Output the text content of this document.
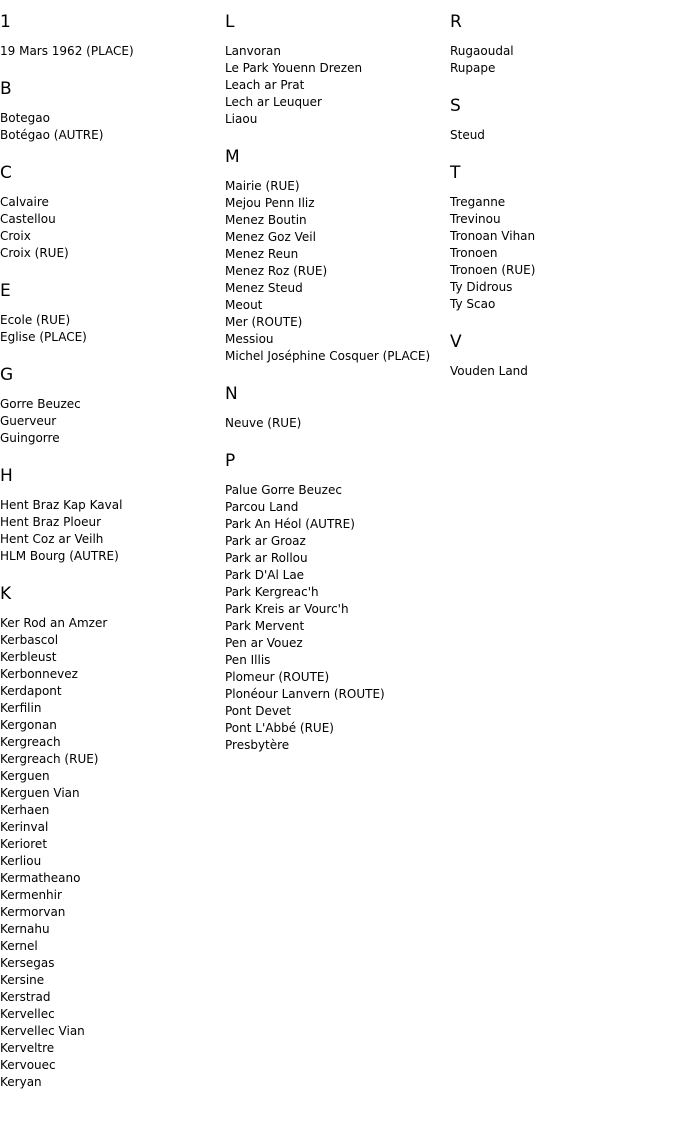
1
19 Mars 1962 (PLACE)
B
Botegao
Botégao (AUTRE)
C
Calvaire
Castellou
Croix
Croix (RUE)
E
Ecole (RUE)
Eglise (PLACE)
G
Gorre Beuzec
Guerveur
Guingorre
H
Hent Braz Kap Kaval
Hent Braz Ploeur
Hent Coz ar Veilh
HLM Bourg (AUTRE)
K
Ker Rod an Amzer
Kerbascol
Kerbleust
Kerbonnevez
Kerdapont
Kerfilin
Kergonan
Kergreach
Kergreach (RUE)
Kerguen
Kerguen Vian
Kerhaen
Kerinval
Kerioret
Kerliou
Kermatheano
Kermenhir
Kermorvan
Kernahu
Kernel
Kersegas
Kersine
Kerstrad
Kervellec
Kervellec Vian
Kerveltre
Kervouec
Keryan
L
Lanvoran
Le Park Youenn Drezen
Leach ar Prat
Lech ar Leuquer
Liaou
M
Mairie (RUE)
Mejou Penn Iliz
Menez Boutin
Menez Goz Veil
Menez Reun
Menez Roz (RUE)
Menez Steud
Meout
Mer (ROUTE)
Messiou
Michel Joséphine Cosquer (PLACE)
N
Neuve (RUE)
P
Palue Gorre Beuzec
Parcou Land
Park An Héol (AUTRE)
Park ar Groaz
Park ar Rollou
Park D'Al Lae
Park Kergreac'h
Park Kreis ar Vourc'h
Park Mervent
Pen ar Vouez
Pen Illis
Plomeur (ROUTE)
Plonéour Lanvern (ROUTE)
Pont Devet
Pont L'Abbé (RUE)
Presbytère
R
Rugaoudal
Rupape
S
Steud
T
Treganne
Trevinou
Tronoan Vihan
Tronoen
Tronoen (RUE)
Ty Didrous
Ty Scao
V
Vouden Land
